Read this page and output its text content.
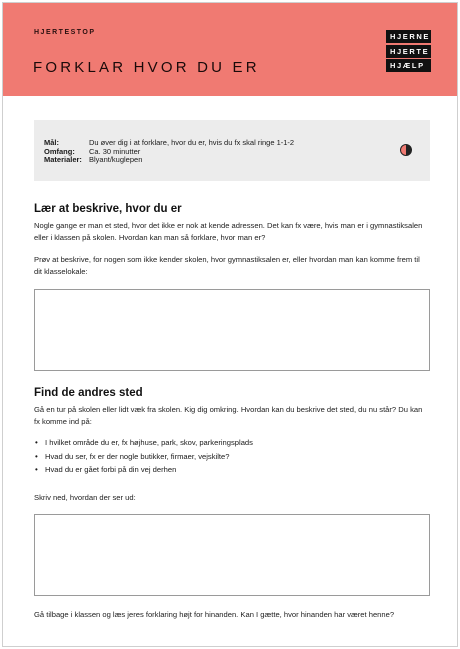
HJERTESTOP
FORKLAR HVOR DU ER
HJERNE
HJERTE
HJÆLP
Mål:	Du øver dig i at forklare, hvor du er, hvis du fx skal ringe 1-1-2
Omfang:	Ca. 30 minutter
Materialer: Blyant/kuglepen
Lær at beskrive, hvor du er

Nogle gange er man et sted, hvor det ikke er nok at kende adressen. Det kan fx være, hvis man er i gymnastiksalen eller i klassen på skolen. Hvordan kan man så forklare, hvor man er?

Prøv at beskrive, for nogen som ikke kender skolen, hvor gymnastiksalen er, eller hvordan man kan komme frem til dit klasselokale:

Find de andres sted

Gå en tur på skolen eller lidt væk fra skolen. Kig dig omkring. Hvordan kan du beskrive det sted, du nu står? Du kan fx komme ind på:

• I hvilket område du er, fx højhuse, park, skov, parkeringsplads
• Hvad du ser, fx er der nogle butikker, firmaer, vejskilte?
• Hvad du er gået forbi på din vej derhen

Skriv ned, hvordan der ser ud:

Gå tilbage i klassen og læs jeres forklaring højt for hinanden. Kan I gætte, hvor hinanden har været henne?
